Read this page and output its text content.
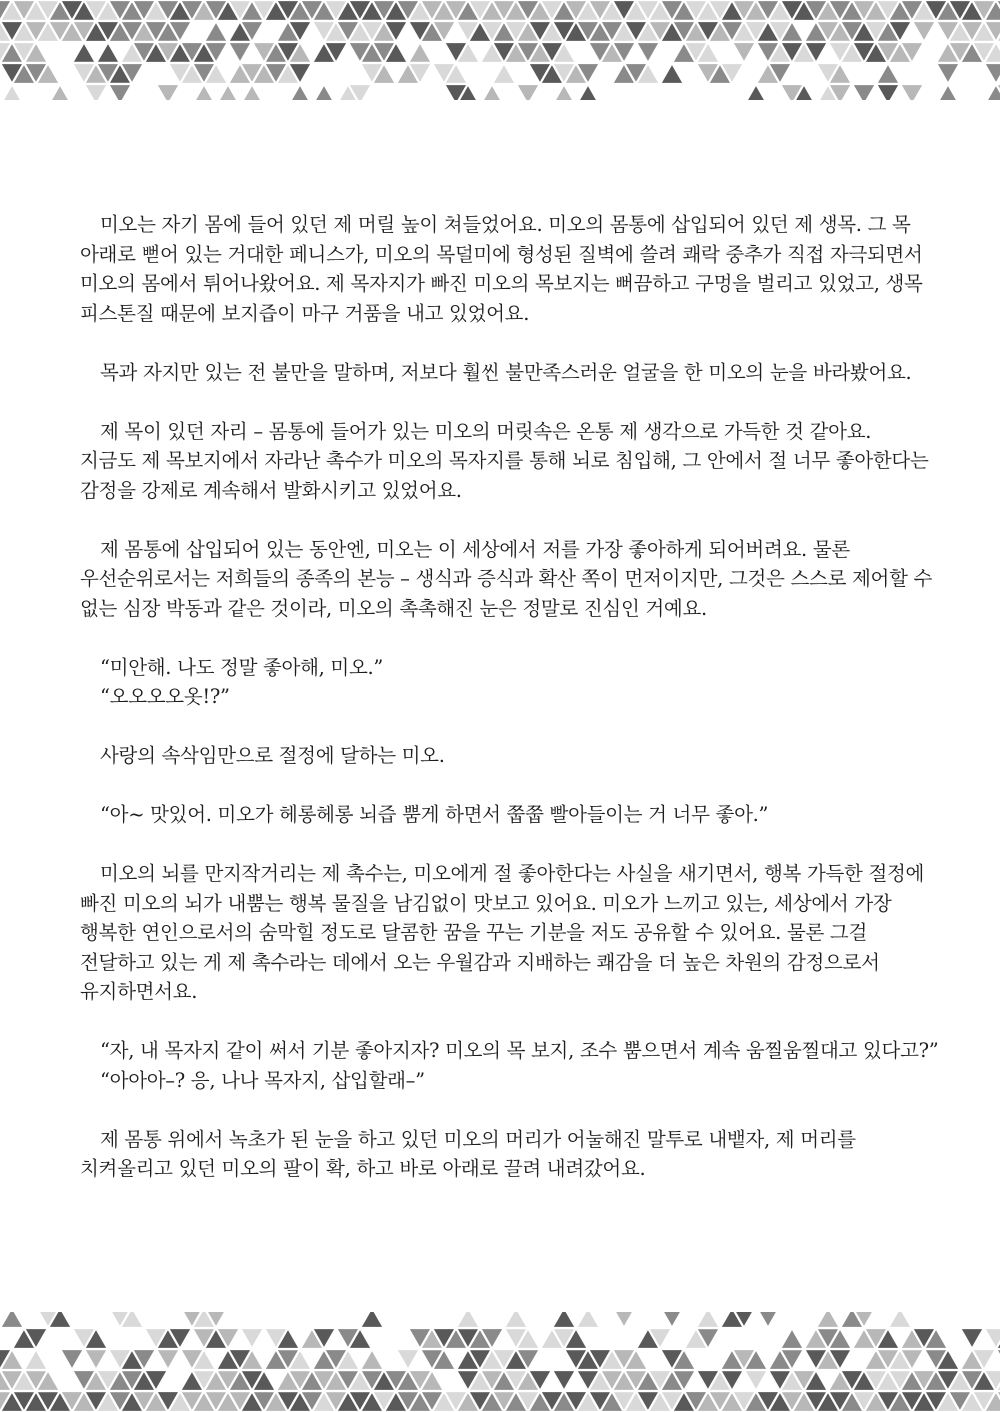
미오는 자기 몸에 들어 있던 제 머릴 높이 쳐들었어요. 미오의 몸통에 삽입되어 있던 제 생목. 그 목
아래로 뻗어 있는 거대한 페니스가, 미오의 목덜미에 형성된 질벽에 쓸려 쾌락 중추가 직접 자극되면서
미오의 몸에서 튀어나왔어요. 제 목자지가 빠진 미오의 목보지는 뻐끔하고 구멍을 벌리고 있었고, 생목
피스톤질 때문에 보지즙이 마구 거품을 내고 있었어요.

목과 자지만 있는 전 불만을 말하며, 저보다 훨씬 불만족스러운 얼굴을 한 미오의 눈을 바라봤어요.

제 목이 있던 자리 – 몸통에 들어가 있는 미오의 머릿속은 온통 제 생각으로 가득한 것 같아요.
지금도 제 목보지에서 자라난 촉수가 미오의 목자지를 통해 뇌로 침입해, 그 안에서 절 너무 좋아한다는
감정을 강제로 계속해서 발화시키고 있었어요.

제 몸통에 삽입되어 있는 동안엔, 미오는 이 세상에서 저를 가장 좋아하게 되어버려요. 물론
우선순위로서는 저희들의 종족의 본능 – 생식과 증식과 확산 쪽이 먼저이지만, 그것은 스스로 제어할 수
없는 심장 박동과 같은 것이라, 미오의 촉촉해진 눈은 정말로 진심인 거예요.

“미안해. 나도 정말 좋아해, 미오.”
“오오오오옷!?”

사랑의 속삭임만으로 절정에 달하는 미오.

“아~ 맛있어. 미오가 헤롱헤롱 뇌즙 뿜게 하면서 쭙쭙 빨아들이는 거 너무 좋아.”

미오의 뇌를 만지작거리는 제 촉수는, 미오에게 절 좋아한다는 사실을 새기면서, 행복 가득한 절정에
빠진 미오의 뇌가 내뿜는 행복 물질을 남김없이 맛보고 있어요. 미오가 느끼고 있는, 세상에서 가장
행복한 연인으로서의 숨막힐 정도로 달콤한 꿈을 꾸는 기분을 저도 공유할 수 있어요. 물론 그걸
전달하고 있는 게 제 촉수라는 데에서 오는 우월감과 지배하는 쾌감을 더 높은 차원의 감정으로서
유지하면서요.

“자, 내 목자지 같이 써서 기분 좋아지자? 미오의 목 보지, 조수 뿜으면서 계속 움찔움찔대고 있다고?”
“아아아–? 응, 나나 목자지, 삽입할래–”

제 몸통 위에서 녹초가 된 눈을 하고 있던 미오의 머리가 어눌해진 말투로 내뱉자, 제 머리를
치켜올리고 있던 미오의 팔이 확, 하고 바로 아래로 끌려 내려갔어요.
